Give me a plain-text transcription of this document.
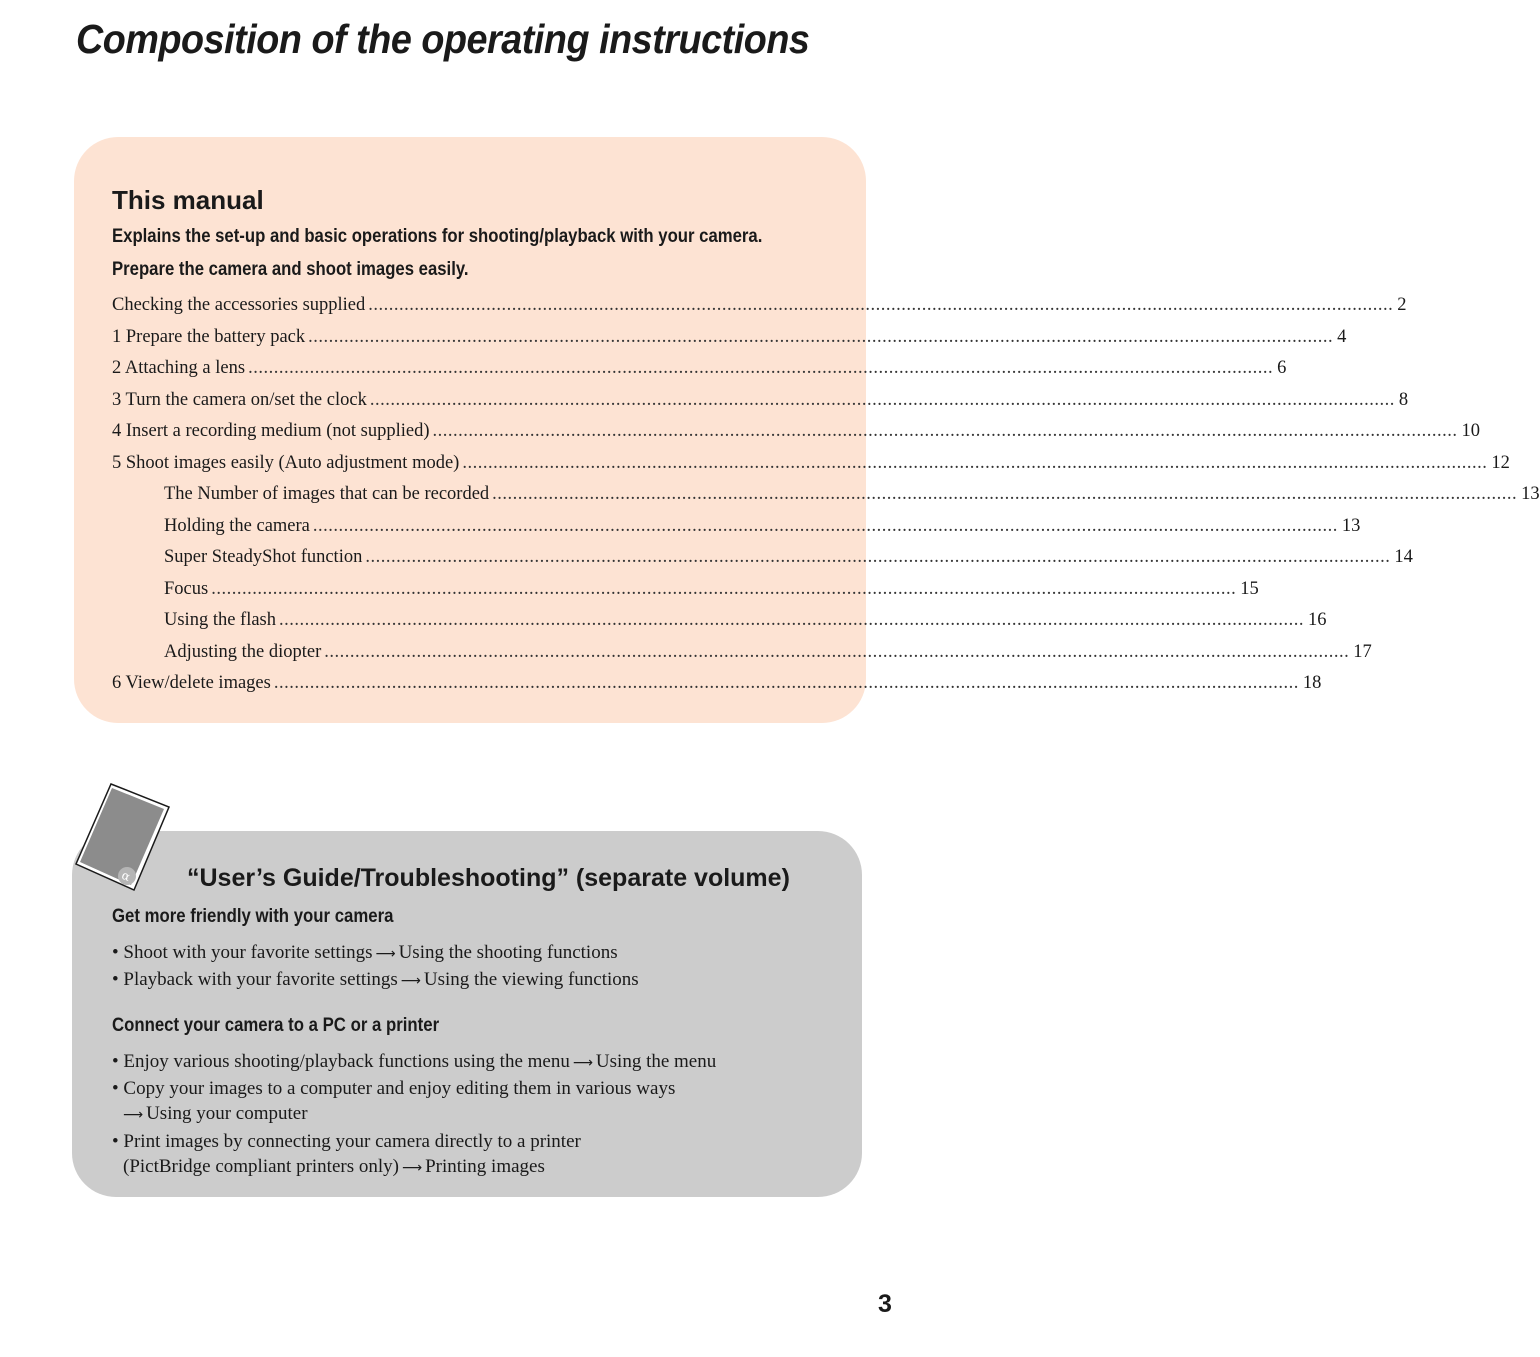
Composition of the operating instructions
This manual

Explains the set-up and basic operations for shooting/playback with your camera.

Prepare the camera and shoot images easily.

Checking the accessories supplied ........................................................................................................................................................................................................ 2
1 Prepare the battery pack ........................................................................................................................................................................................................ 4
2 Attaching a lens ........................................................................................................................................................................................................ 6
3 Turn the camera on/set the clock ........................................................................................................................................................................................................ 8
4 Insert a recording medium (not supplied) ........................................................................................................................................................................................................ 10
5 Shoot images easily (Auto adjustment mode) ........................................................................................................................................................................................................ 12
The Number of images that can be recorded ........................................................................................................................................................................................................ 13
Holding the camera ........................................................................................................................................................................................................ 13
Super SteadyShot function ........................................................................................................................................................................................................ 14
Focus ........................................................................................................................................................................................................ 15
Using the flash ........................................................................................................................................................................................................ 16
Adjusting the diopter ........................................................................................................................................................................................................ 17
6 View/delete images ........................................................................................................................................................................................................ 18
α “User’s Guide/Troubleshooting” (separate volume)
Get more friendly with your camera
• Shoot with your favorite settings ⟶ Using the shooting functions
• Playback with your favorite settings ⟶ Using the viewing functions
Connect your camera to a PC or a printer
• Enjoy various shooting/playback functions using the menu ⟶ Using the menu
• Copy your images to a computer and enjoy editing them in various ways
⟶ Using your computer
• Print images by connecting your camera directly to a printer
(PictBridge compliant printers only) ⟶ Printing images
3
